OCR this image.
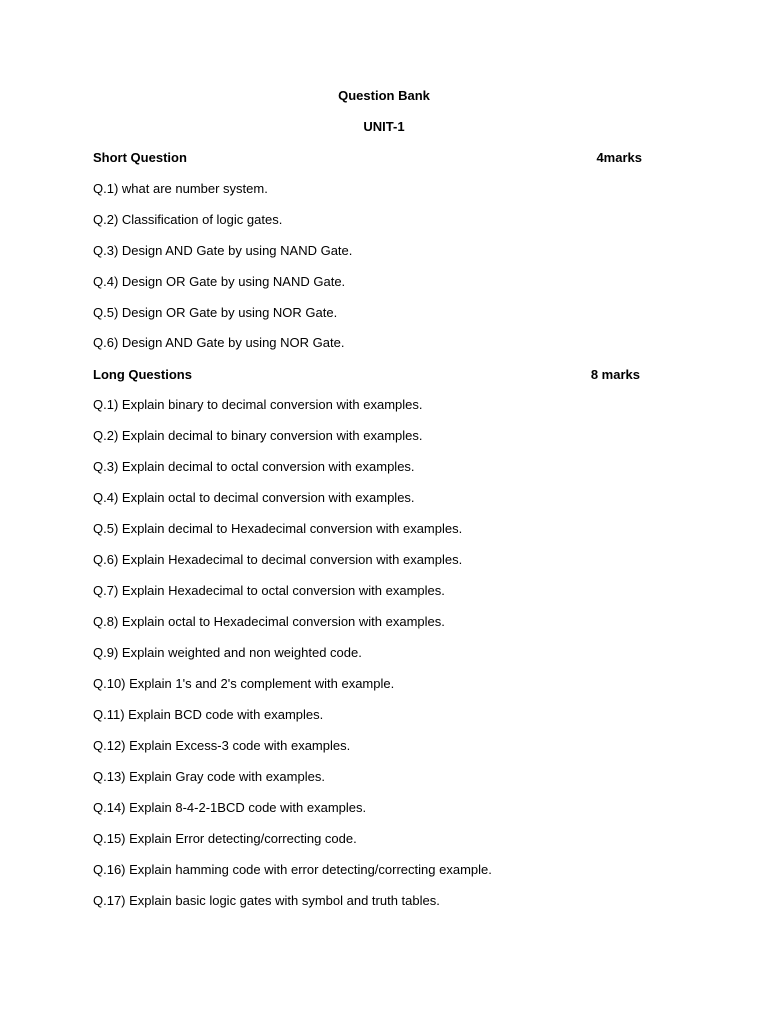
Question Bank
UNIT-1
Short Question	4marks
Q.1) what are number system.
Q.2) Classification of logic gates.
Q.3) Design AND Gate by using NAND Gate.
Q.4) Design OR Gate by using NAND Gate.
Q.5) Design OR Gate by using NOR Gate.
Q.6) Design AND Gate by using NOR Gate.
Long Questions	8 marks
Q.1) Explain binary to decimal conversion with examples.
Q.2) Explain decimal to binary conversion with examples.
Q.3) Explain decimal to octal conversion with examples.
Q.4) Explain octal to decimal conversion with examples.
Q.5) Explain decimal to Hexadecimal conversion with examples.
Q.6) Explain Hexadecimal to decimal conversion with examples.
Q.7) Explain Hexadecimal to octal conversion with examples.
Q.8) Explain octal to Hexadecimal conversion with examples.
Q.9) Explain weighted and non weighted code.
Q.10) Explain 1's and 2's complement with example.
Q.11) Explain BCD code with examples.
Q.12) Explain Excess-3 code with examples.
Q.13) Explain Gray code with examples.
Q.14) Explain 8-4-2-1BCD code with examples.
Q.15) Explain Error detecting/correcting code.
Q.16) Explain hamming code with error detecting/correcting example.
Q.17) Explain basic logic gates with symbol and truth tables.
